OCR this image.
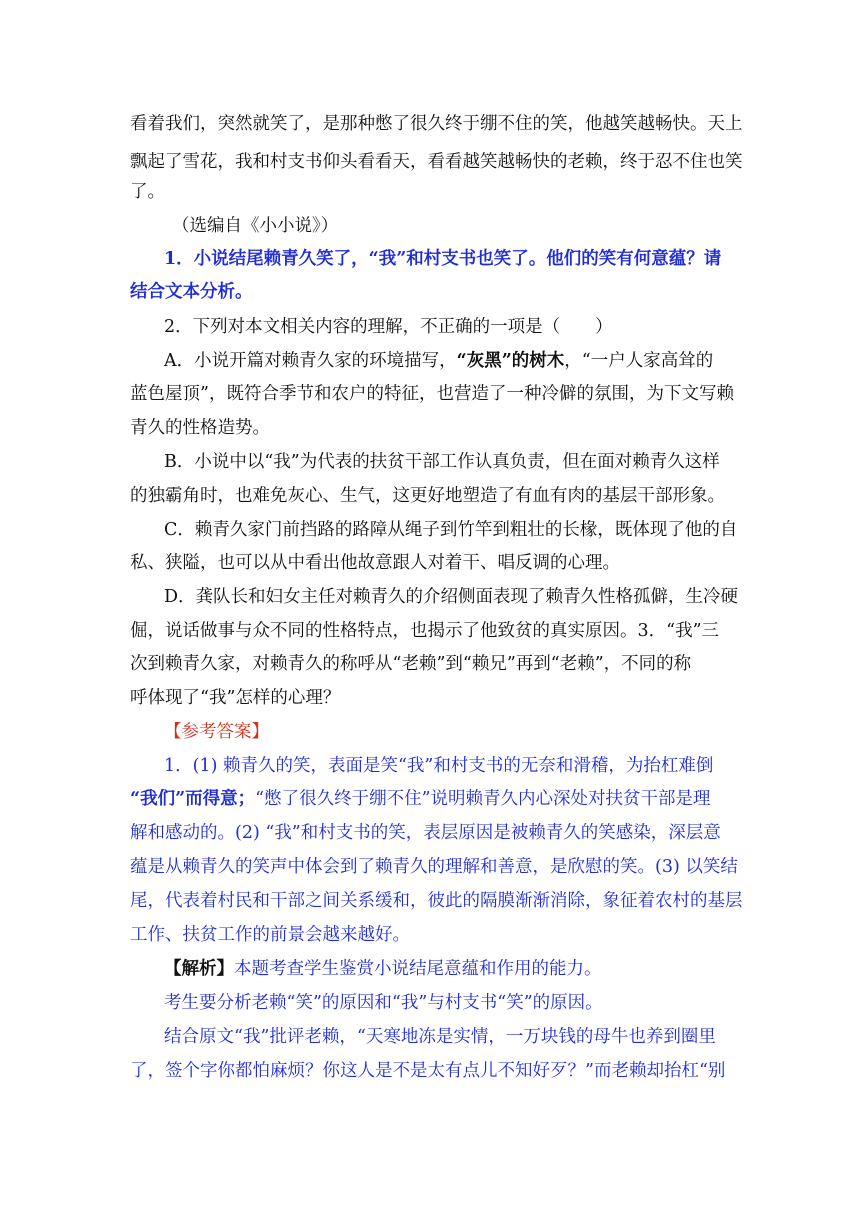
看着我们，突然就笑了，是那种憋了很久终于绷不住的笑，他越笑越畅快。天上
飘起了雪花，我和村支书仰头看看天，看看越笑越畅快的老赖，终于忍不住也笑
了。
（选编自《小小说》）
1．小说结尾赖青久笑了，“我”和村支书也笑了。他们的笑有何意蕴？请
结合文本分析。
2．下列对本文相关内容的理解，不正确的一项是（　　）
A．小说开篇对赖青久家的环境描写，“灰黑”的树木，“一户人家高耸的
蓝色屋顶”，既符合季节和农户的特征，也营造了一种冷僻的氛围，为下文写赖
青久的性格造势。
B．小说中以“我”为代表的扶贫干部工作认真负责，但在面对赖青久这样
的独霸角时，也难免灰心、生气，这更好地塑造了有血有肉的基层干部形象。
C．赖青久家门前挡路的路障从绳子到竹竿到粗壮的长椽，既体现了他的自
私、狭隘，也可以从中看出他故意跟人对着干、唱反调的心理。
D．龚队长和妇女主任对赖青久的介绍侧面表现了赖青久性格孤僻，生冷硬
倔，说话做事与众不同的性格特点，也揭示了他致贫的真实原因。3．“我”三
次到赖青久家，对赖青久的称呼从“老赖”到“赖兄”再到“老赖”，不同的称
呼体现了“我”怎样的心理？
【参考答案】
1．(1) 赖青久的笑，表面是笑“我”和村支书的无奈和滑稽，为抬杠难倒
“我们”而得意；“憋了很久终于绷不住”说明赖青久内心深处对扶贫干部是理
解和感动的。(2) “我”和村支书的笑，表层原因是被赖青久的笑感染，深层意
蕴是从赖青久的笑声中体会到了赖青久的理解和善意，是欣慰的笑。(3) 以笑结
尾，代表着村民和干部之间关系缓和，彼此的隔膜渐渐消除，象征着农村的基层
工作、扶贫工作的前景会越来越好。
【解析】本题考查学生鉴赏小说结尾意蕴和作用的能力。
考生要分析老赖“笑”的原因和“我”与村支书“笑”的原因。
结合原文“我”批评老赖，“天寒地冻是实情，一万块钱的母牛也养到圈里
了，签个字你都怕麻烦？你这人是不是太有点儿不知好歹？”而老赖却抬杠“别
